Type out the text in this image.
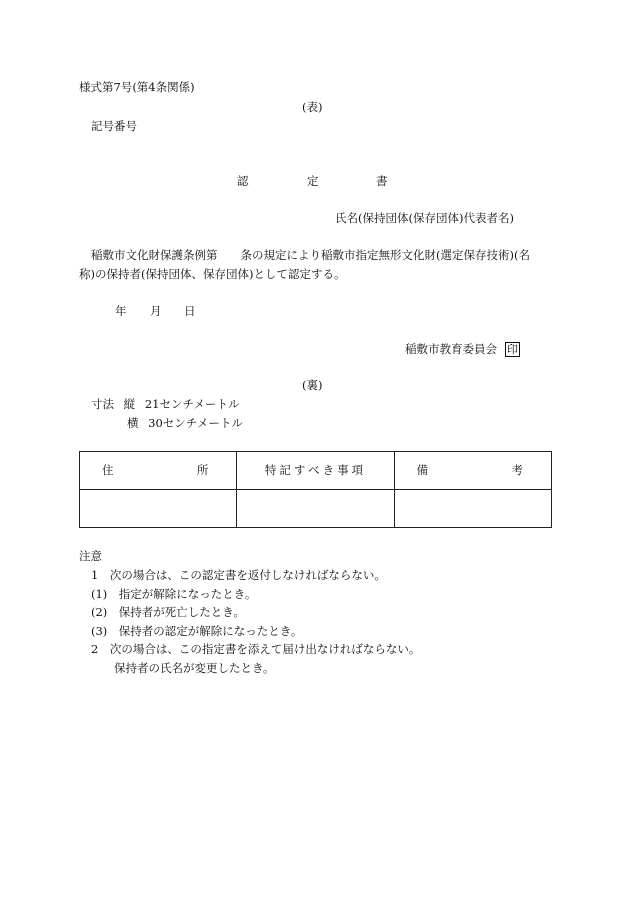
様式第7号(第4条関係)
(表)
記号番号
認	定	書
氏名(保持団体(保存団体)代表者名)
稲敷市文化財保護条例第　　条の規定により稲敷市指定無形文化財(選定保存技術)(名
称)の保持者(保持団体、保存団体)として認定する。
年 月 日
稲敷市教育委員会 印
(裏)
寸法 縦 21センチメートル
横 30センチメートル
住 所	特記すべき事項	備 考

注意
1　次の場合は、この認定書を返付しなければならない。
(1)　指定が解除になったとき。
(2)　保持者が死亡したとき。
(3)　保持者の認定が解除になったとき。
2　次の場合は、この指定書を添えて届け出なければならない。
　　保持者の氏名が変更したとき。
